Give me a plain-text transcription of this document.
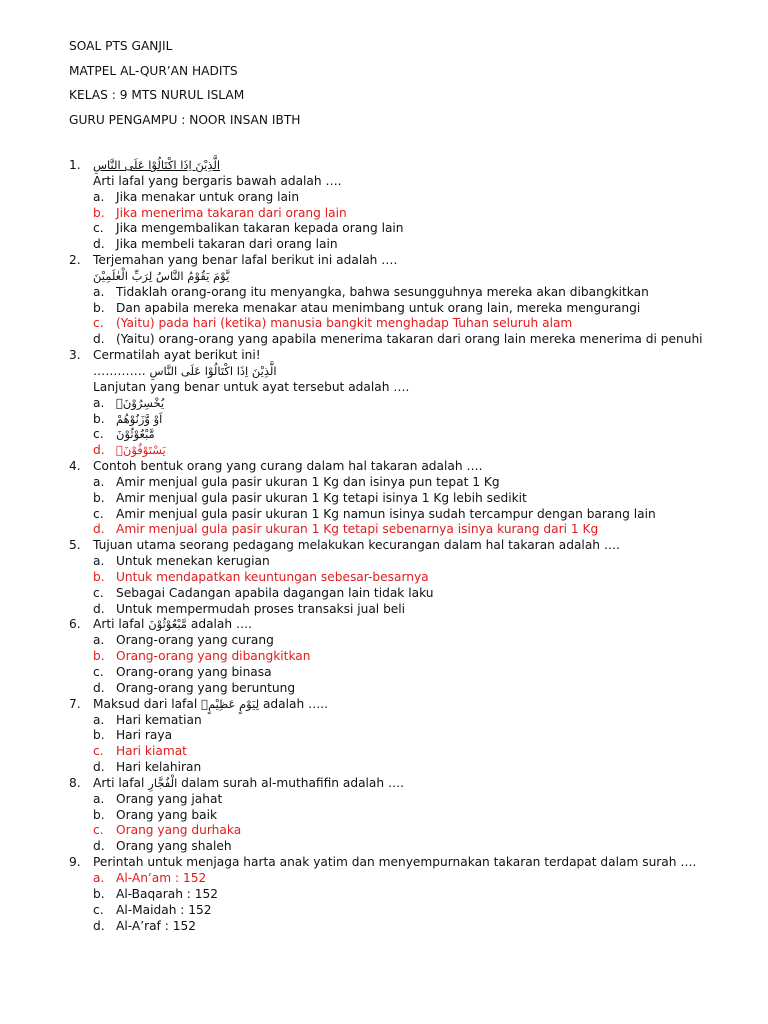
SOAL PTS GANJIL
MATPEL AL-QUR’AN HADITS
KELAS : 9 MTS NURUL ISLAM
GURU PENGAMPU : NOOR INSAN IBTH
1. الَّذِيْنَ اِذَا اكْتَالُوْا عَلَى النَّاسِ
Arti lafal yang bergaris bawah adalah ….
a. Jika menakar untuk orang lain
b. Jika menerima takaran dari orang lain
c. Jika mengembalikan takaran kepada orang lain
d. Jika membeli takaran dari orang lain
2. Terjemahan yang benar lafal berikut ini adalah ….
يَّوْمَ يَقُوْمُ النَّاسُ لِرَبِّ الْعٰلَمِيْنَ
a. Tidaklah orang-orang itu menyangka, bahwa sesungguhnya mereka akan dibangkitkan
b. Dan apabila mereka menakar atau menimbang untuk orang lain, mereka mengurangi
c. (Yaitu) pada hari (ketika) manusia bangkit menghadap Tuhan seluruh alam
d. (Yaitu) orang-orang yang apabila menerima takaran dari orang lain mereka menerima di penuhi
3. Cermatilah ayat berikut ini!
…………. الَّذِيْنَ اِذَا اكْتَالُوْا عَلَى النَّاسِ
Lanjutan yang benar untuk ayat tersebut adalah ….
a. يُخْسِرُوْنَۗ
b. اَوْ وَّزَنُوْهُمْ
c. مَّبْعُوْثُوْنَ
d. يَسْتَوْفُوْنَۖ
4. Contoh bentuk orang yang curang dalam hal takaran adalah ….
a. Amir menjual gula pasir ukuran 1 Kg dan isinya pun tepat 1 Kg
b. Amir menjual gula pasir ukuran 1 Kg tetapi isinya 1 Kg lebih sedikit
c. Amir menjual gula pasir ukuran 1 Kg namun isinya sudah tercampur dengan barang lain
d. Amir menjual gula pasir ukuran 1 Kg tetapi sebenarnya isinya kurang dari 1 Kg
5. Tujuan utama seorang pedagang melakukan kecurangan dalam hal takaran adalah ….
a. Untuk menekan kerugian
b. Untuk mendapatkan keuntungan sebesar-besarnya
c. Sebagai Cadangan apabila dagangan lain tidak laku
d. Untuk mempermudah proses transaksi jual beli
6. Arti lafal مَّبْعُوْثُوْنَ adalah ….
a. Orang-orang yang curang
b. Orang-orang yang dibangkitkan
c. Orang-orang yang binasa
d. Orang-orang yang beruntung
7. Maksud dari lafal لِيَوْمٍ عَظِيْمٍۙ adalah …..
a. Hari kematian
b. Hari raya
c. Hari kiamat
d. Hari kelahiran
8. Arti lafal الْفُجَّارِ dalam surah al-muthafifin adalah ….
a. Orang yang jahat
b. Orang yang baik
c. Orang yang durhaka
d. Orang yang shaleh
9. Perintah untuk menjaga harta anak yatim dan menyempurnakan takaran terdapat dalam surah ….
a. Al-An’am : 152
b. Al-Baqarah : 152
c. Al-Maidah : 152
d. Al-A’raf : 152
